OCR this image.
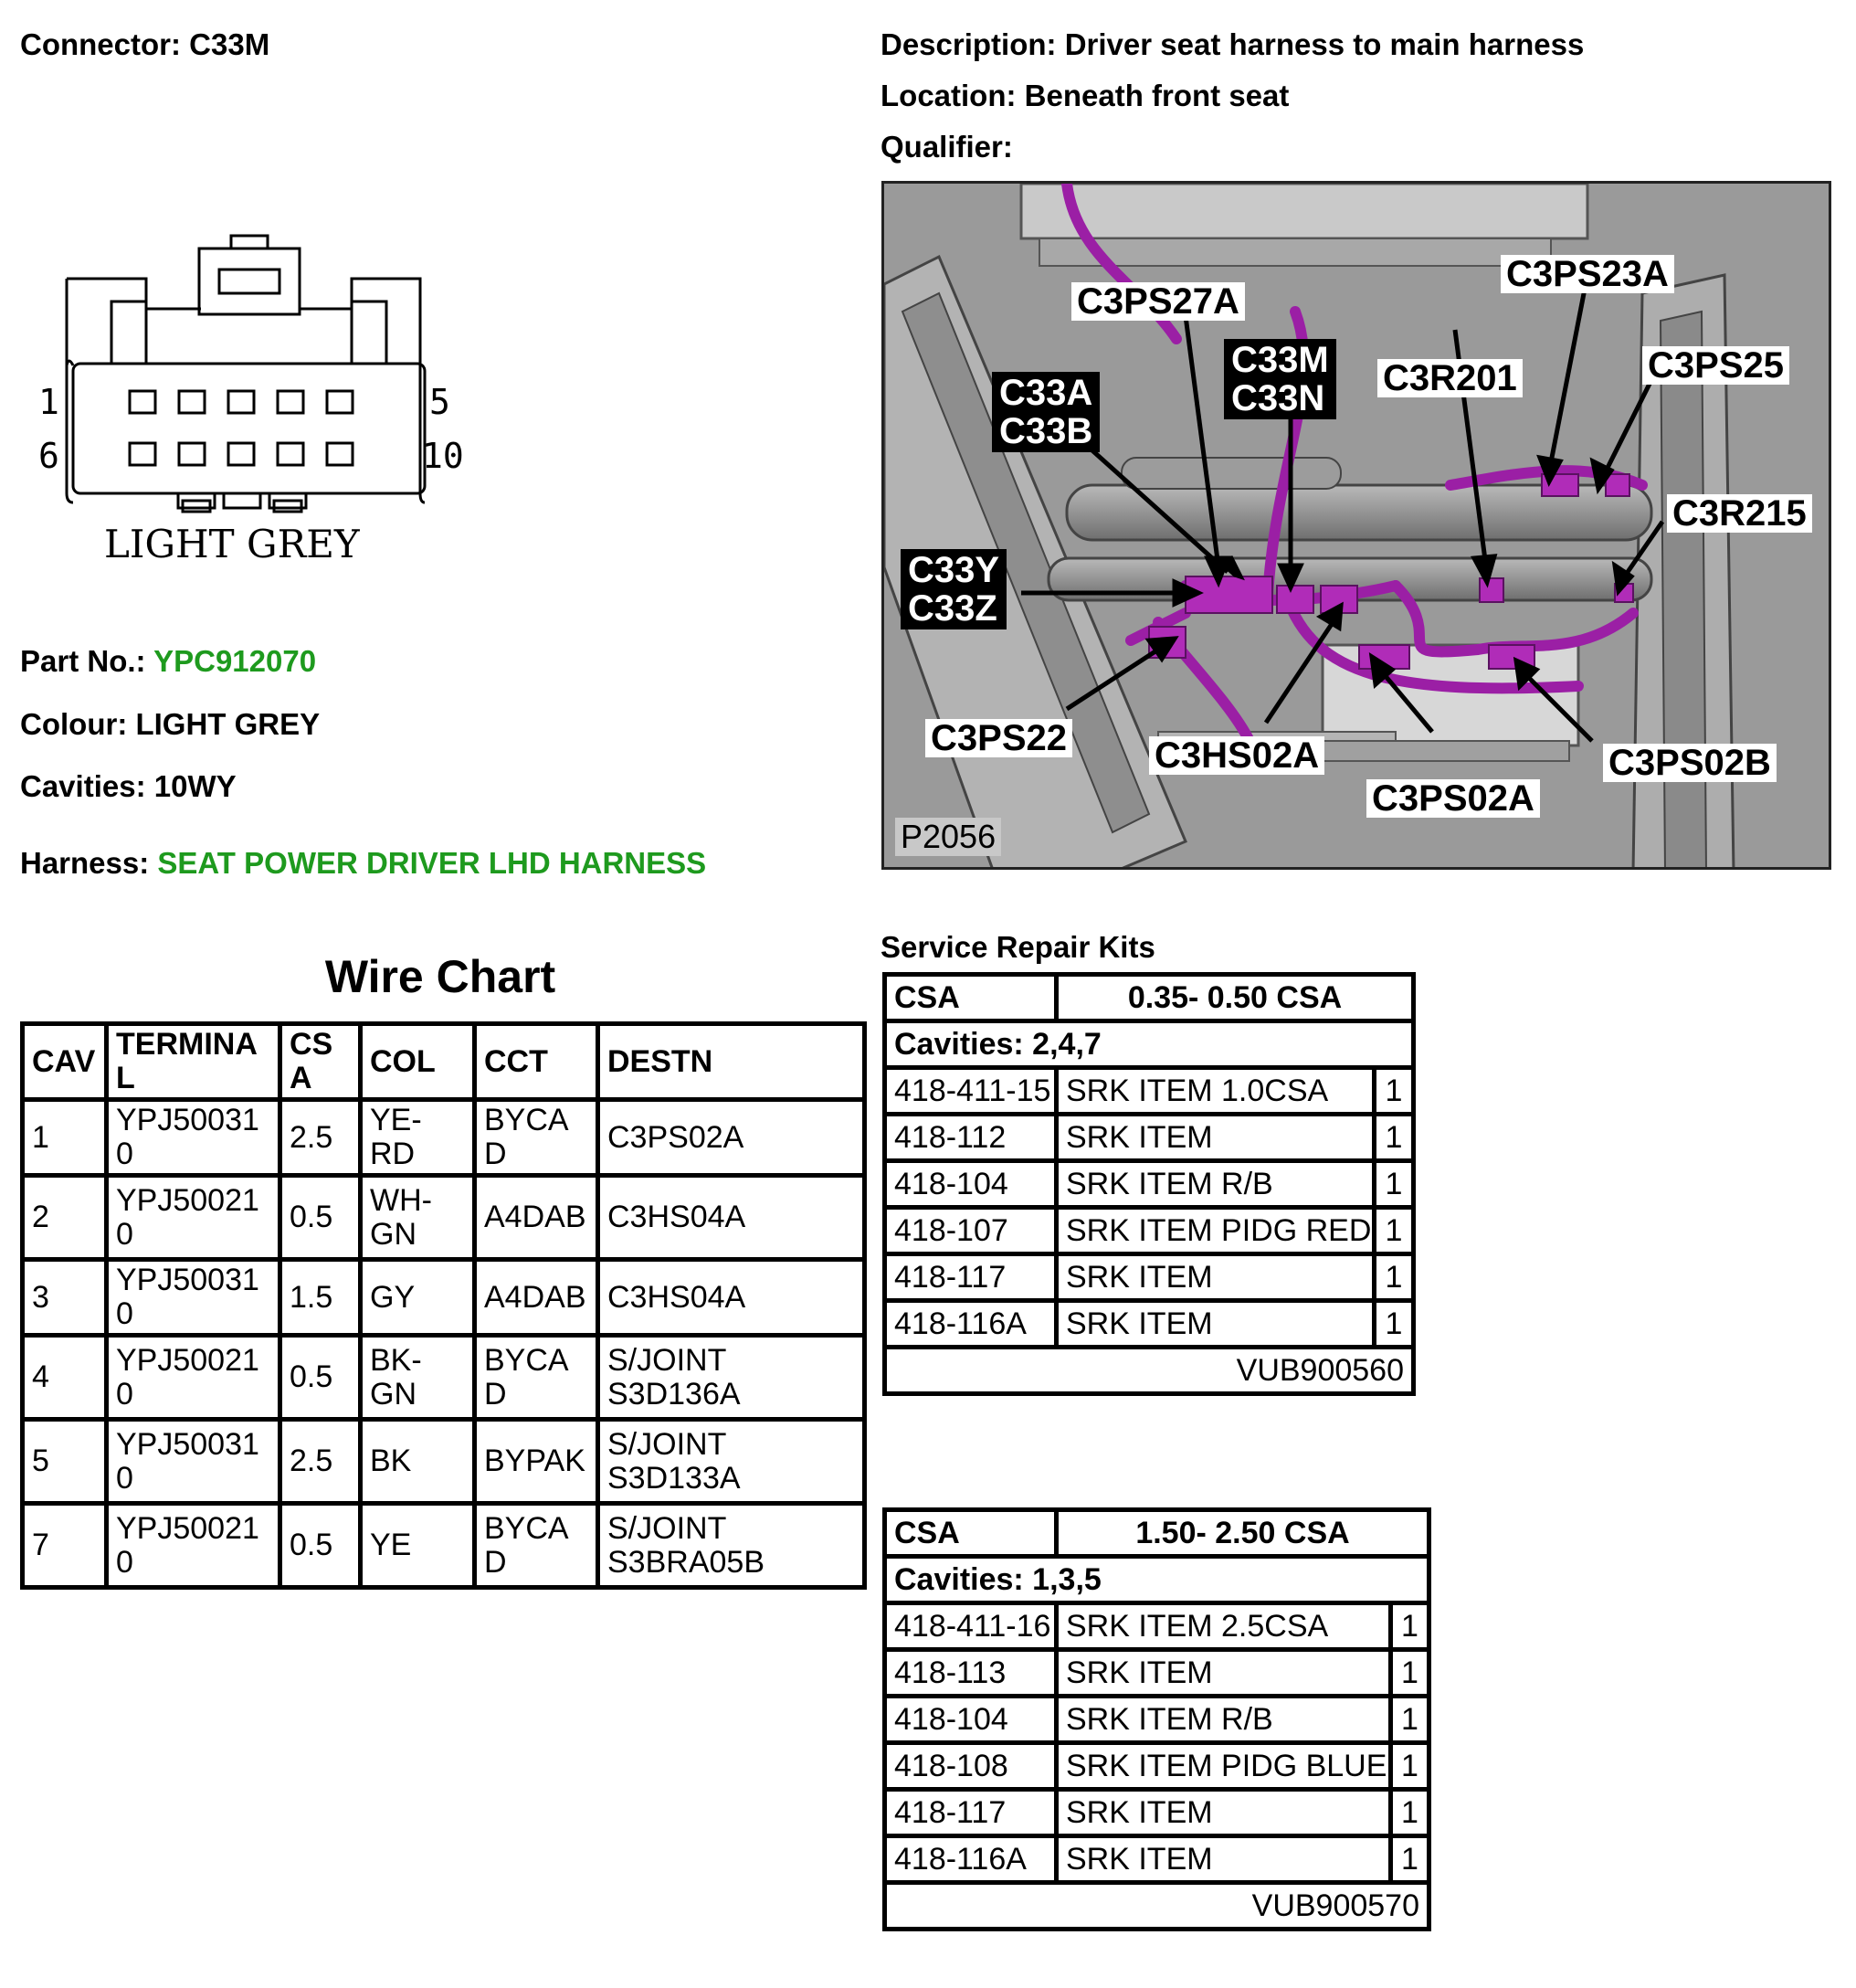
Connector: C33M	Description: Driver seat harness to main harness
Location: Beneath front seat
Qualifier:
1	5
6	10
LIGHT GREY
Part No.: YPC912070
Colour: LIGHT GREY
Cavities: 10WY
Harness: SEAT POWER DRIVER LHD HARNESS
Wire Chart
CAV	TERMINAL	CSA	COL	CCT	DESTN
1	YPJ500310	2.5	YE-RD	BYCAD	C3PS02A
2	YPJ500210	0.5	WH-GN	A4DAB	C3HS04A
3	YPJ500310	1.5	GY	A4DAB	C3HS04A
4	YPJ500210	0.5	BK-GN	BYCAD	S/JOINT S3D136A
5	YPJ500310	2.5	BK	BYPAK	S/JOINT S3D133A
7	YPJ500210	0.5	YE	BYCAD	S/JOINT S3BRA05B
C3PS27A
C3PS23A
C33M
C33N C3R201	C3PS25
C33A
C33B
C3R215
C33Y
C33Z
C3PS22 C3HS02A	C3PS02B
C3PS02A
P2056
Service Repair Kits
CSA	0.35- 0.50 CSA	
Cavities: 2,4,7		
418-411-15	SRK ITEM 1.0CSA	1
418-112	SRK ITEM	1
418-104	SRK ITEM R/B	1
418-107	SRK ITEM PIDG RED	1
418-117	SRK ITEM	1
418-116A	SRK ITEM	1
VUB900560		
CSA	1.50- 2.50 CSA	
Cavities: 1,3,5		
418-411-16	SRK ITEM 2.5CSA	1
418-113	SRK ITEM	1
418-104	SRK ITEM R/B	1
418-108	SRK ITEM PIDG BLUE	1
418-117	SRK ITEM	1
418-116A	SRK ITEM	1
VUB900570		
